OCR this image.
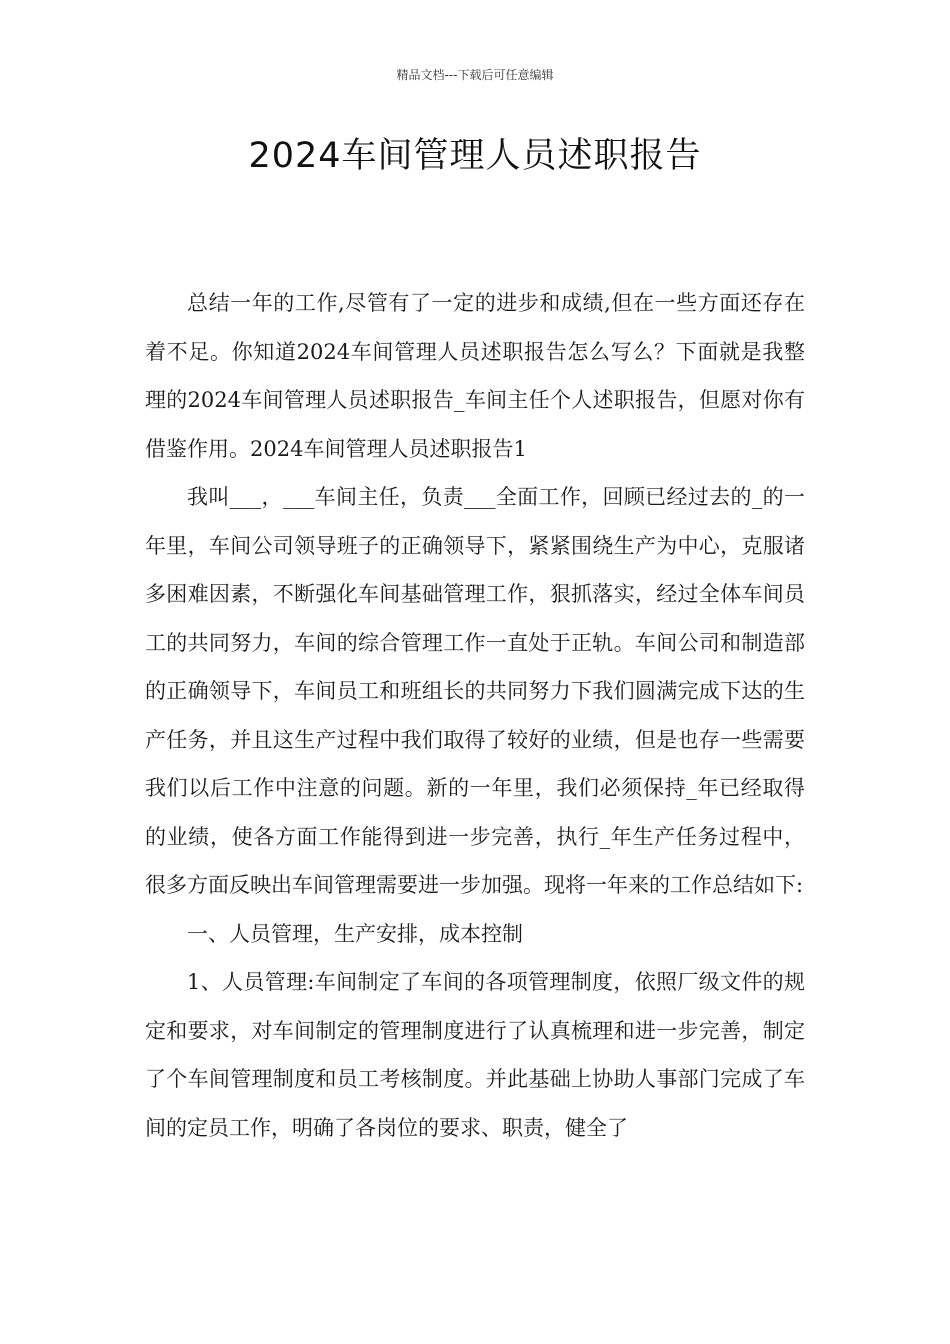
精品文档---下载后可任意编辑
2024车间管理人员述职报告

总结一年的工作,尽管有了一定的进步和成绩,但在一些方面还存在着不足。你知道2024车间管理人员述职报告怎么写么？下面就是我整理的2024车间管理人员述职报告_车间主任个人述职报告，但愿对你有借鉴作用。2024车间管理人员述职报告1

我叫___，___车间主任，负责___全面工作，回顾已经过去的_的一年里，车间公司领导班子的正确领导下，紧紧围绕生产为中心，克服诸多困难因素，不断强化车间基础管理工作，狠抓落实，经过全体车间员工的共同努力，车间的综合管理工作一直处于正轨。车间公司和制造部的正确领导下，车间员工和班组长的共同努力下我们圆满完成下达的生产任务，并且这生产过程中我们取得了较好的业绩，但是也存一些需要我们以后工作中注意的问题。新的一年里，我们必须保持_年已经取得的业绩，使各方面工作能得到进一步完善，执行_年生产任务过程中，很多方面反映出车间管理需要进一步加强。现将一年来的工作总结如下:

一、人员管理，生产安排，成本控制

1、人员管理:车间制定了车间的各项管理制度，依照厂级文件的规定和要求，对车间制定的管理制度进行了认真梳理和进一步完善，制定了个车间管理制度和员工考核制度。并此基础上协助人事部门完成了车间的定员工作，明确了各岗位的要求、职责，健全了
